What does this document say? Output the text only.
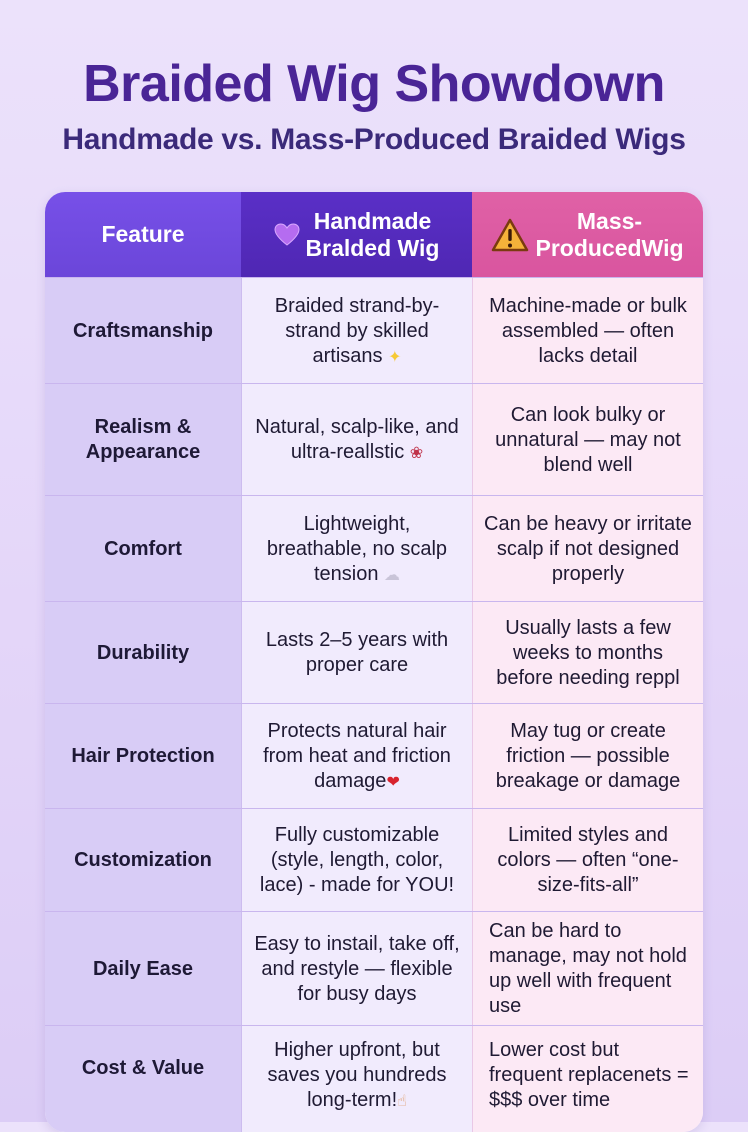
Braided Wig Showdown
Handmade vs. Mass-Produced Braided Wigs
Feature
Handmade
Bralded Wig
Mass-
ProducedWig
Craftsmanship
Braided strand-by-strand by skilled artisans ✦
Machine-made or bulk assembled — often lacks detail
Realism & Appearance
Natural, scalp-like, and ultra-reallstic ❀
Can look bulky or unnatural — may not blend well
Comfort
Lightweight, breathable, no scalp tension ☁
Can be heavy or irritate scalp if not designed properly
Durability
Lasts 2–5 years with proper care
Usually lasts a few weeks to months before needing reppl
Hair Protection
Protects natural hair from heat and friction damage❤
May tug or create friction — possible breakage or damage
Customization
Fully customizable (style, length, color, lace) - made for YOU!
Limited styles and colors — often “one-size-fits-all”
Daily Ease
Easy to instail, take off, and restyle — flexible for busy days
Can be hard to manage, may not hold up well with frequent use
Cost & Value
Higher upfront, but saves you hundreds long-term!☝
Lower cost but frequent replacenets = $$$ over time
